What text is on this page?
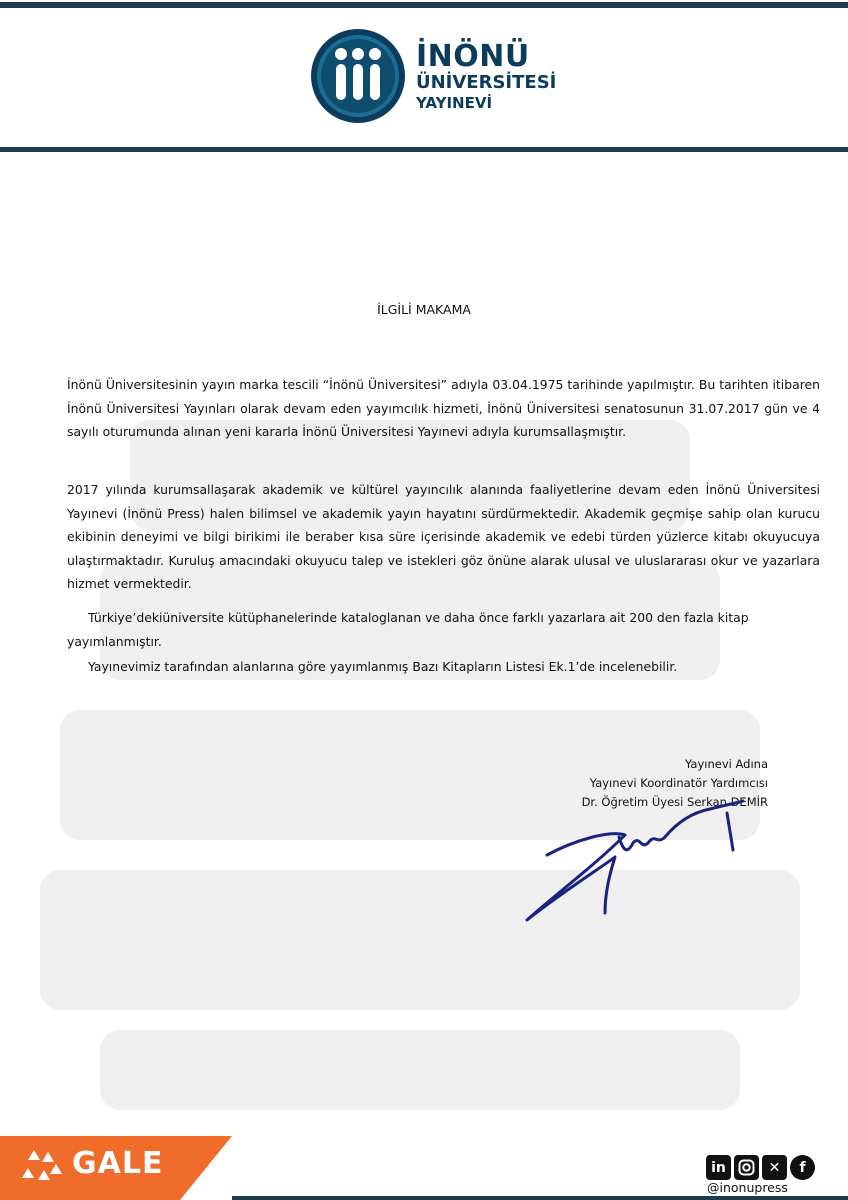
İNÖNÜ
ÜNİVERSİTESİ
YAYINEVİ
İLGİLİ MAKAMA
İnönü Üniversitesinin yayın marka tescili “İnönü Üniversitesi” adıyla 03.04.1975 tarihinde yapılmıştır. Bu tarihten itibaren İnönü Üniversitesi Yayınları olarak devam eden yayımcılık hizmeti, İnönü Üniversitesi senatosunun 31.07.2017 gün ve 4 sayılı oturumunda alınan yeni kararla İnönü Üniversitesi Yayınevi adıyla kurumsallaşmıştır.
2017 yılında kurumsallaşarak akademik ve kültürel yayıncılık alanında faaliyetlerine devam eden İnönü Üniversitesi Yayınevi (İnönü Press) halen bilimsel ve akademik yayın hayatını sürdürmektedir. Akademik geçmişe sahip olan kurucu ekibinin deneyimi ve bilgi birikimi ile beraber kısa süre içerisinde akademik ve edebi türden yüzlerce kitabı okuyucuya ulaştırmaktadır. Kuruluş amacındaki okuyucu talep ve istekleri göz önüne alarak ulusal ve uluslararası okur ve yazarlara hizmet vermektedir.
Türkiye’dekiüniversite kütüphanelerinde kataloglanan ve daha önce farklı yazarlara ait 200 den fazla kitap yayımlanmıştır.
Yayınevimiz tarafından alanlarına göre yayımlanmış Bazı Kitapların Listesi Ek.1’de incelenebilir.
Yayınevi Adına
Yayınevi Koordinatör Yardımcısı
Dr. Öğretim Üyesi Serkan DEMİR
GALE	in	✕	f
@inonupress
